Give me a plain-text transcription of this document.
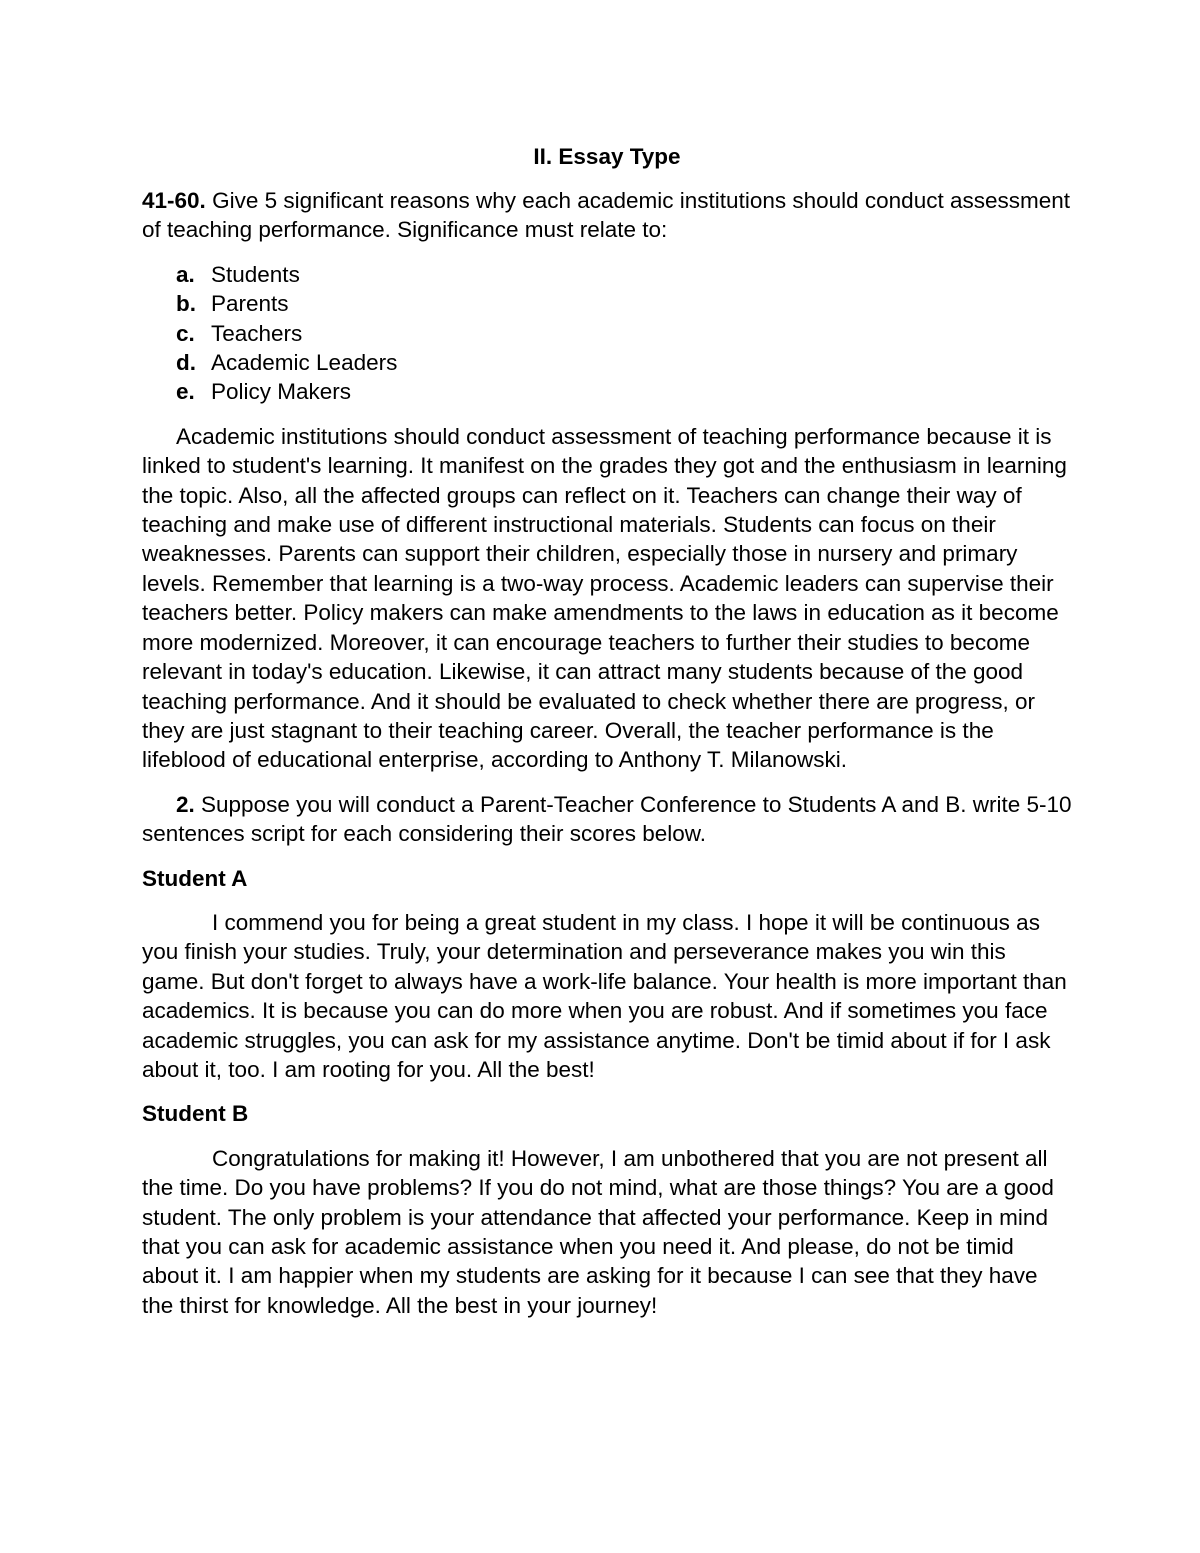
II. Essay Type

41-60. Give 5 significant reasons why each academic institutions should conduct assessment of teaching performance. Significance must relate to:

a. Students
b. Parents
c. Teachers
d. Academic Leaders
e. Policy Makers

Academic institutions should conduct assessment of teaching performance because it is linked to student's learning. It manifest on the grades they got and the enthusiasm in learning the topic. Also, all the affected groups can reflect on it. Teachers can change their way of teaching and make use of different instructional materials. Students can focus on their weaknesses. Parents can support their children, especially those in nursery and primary levels. Remember that learning is a two-way process. Academic leaders can supervise their teachers better. Policy makers can make amendments to the laws in education as it become more modernized. Moreover, it can encourage teachers to further their studies to become relevant in today's education. Likewise, it can attract many students because of the good teaching performance. And it should be evaluated to check whether there are progress, or they are just stagnant to their teaching career. Overall, the teacher performance is the lifeblood of educational enterprise, according to Anthony T. Milanowski.

2. Suppose you will conduct a Parent-Teacher Conference to Students A and B. write 5-10 sentences script for each considering their scores below.

Student A

I commend you for being a great student in my class. I hope it will be continuous as you finish your studies. Truly, your determination and perseverance makes you win this game. But don't forget to always have a work-life balance. Your health is more important than academics. It is because you can do more when you are robust. And if sometimes you face academic struggles, you can ask for my assistance anytime. Don't be timid about if for I ask about it, too. I am rooting for you. All the best!

Student B

Congratulations for making it! However, I am unbothered that you are not present all the time. Do you have problems? If you do not mind, what are those things? You are a good student. The only problem is your attendance that affected your performance. Keep in mind that you can ask for academic assistance when you need it. And please, do not be timid about it. I am happier when my students are asking for it because I can see that they have the thirst for knowledge. All the best in your journey!
